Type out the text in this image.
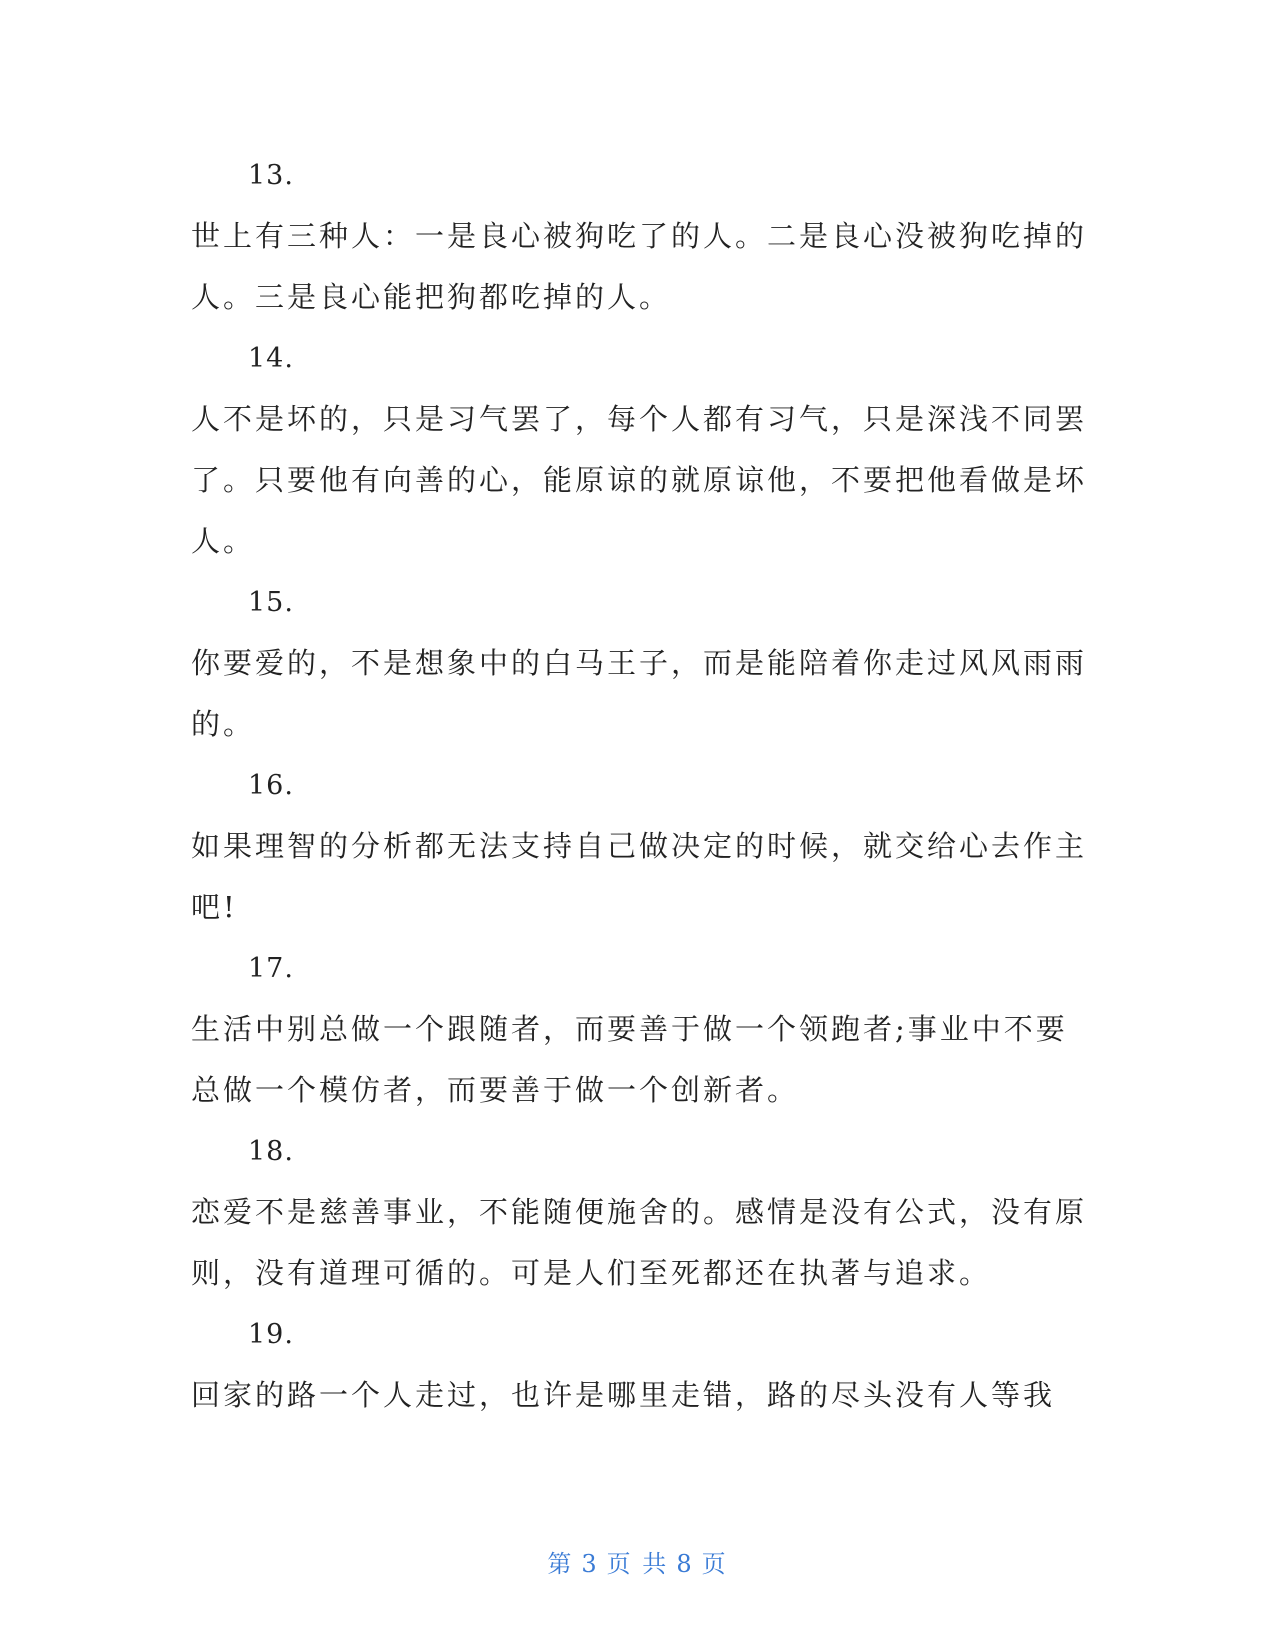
13.
世上有三种人：一是良心被狗吃了的人。二是良心没被狗吃掉的人。三是良心能把狗都吃掉的人。
14.
人不是坏的，只是习气罢了，每个人都有习气，只是深浅不同罢了。只要他有向善的心，能原谅的就原谅他，不要把他看做是坏人。
15.
你要爱的，不是想象中的白马王子，而是能陪着你走过风风雨雨的。
16.
如果理智的分析都无法支持自己做决定的时候，就交给心去作主吧!
17.
生活中别总做一个跟随者，而要善于做一个领跑者;事业中不要总做一个模仿者，而要善于做一个创新者。
18.
恋爱不是慈善事业，不能随便施舍的。感情是没有公式，没有原则，没有道理可循的。可是人们至死都还在执著与追求。
19.
回家的路一个人走过，也许是哪里走错，路的尽头没有人等我
第 3 页 共 8 页
